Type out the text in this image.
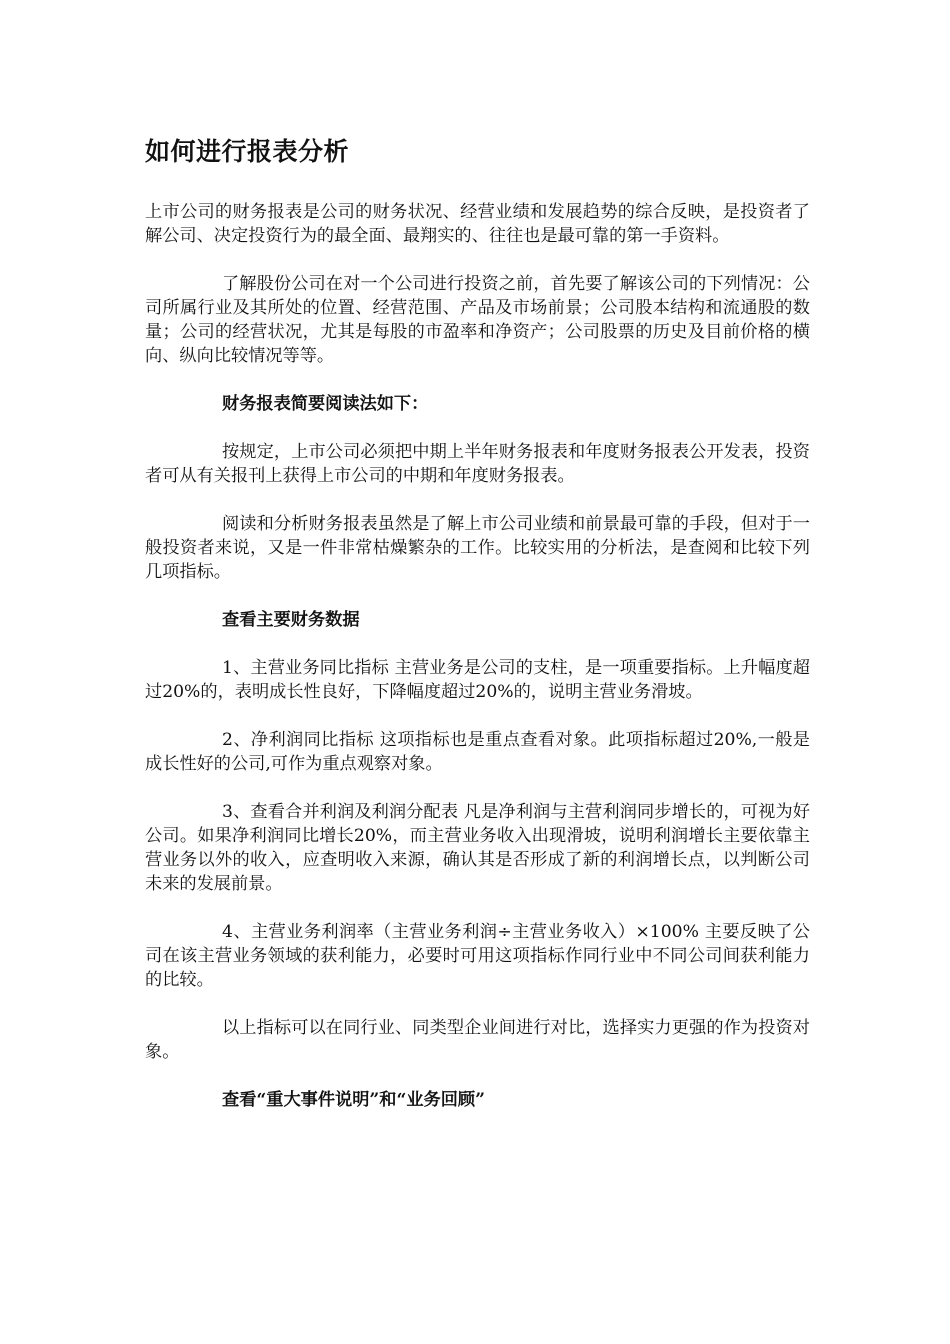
如何进行报表分析

上市公司的财务报表是公司的财务状况、经营业绩和发展趋势的综合反映，是投资者了解公司、决定投资行为的最全面、最翔实的、往往也是最可靠的第一手资料。

了解股份公司在对一个公司进行投资之前，首先要了解该公司的下列情况：公司所属行业及其所处的位置、经营范围、产品及市场前景；公司股本结构和流通股的数量；公司的经营状况，尤其是每股的市盈率和净资产；公司股票的历史及目前价格的横向、纵向比较情况等等。

财务报表简要阅读法如下：

按规定，上市公司必须把中期上半年财务报表和年度财务报表公开发表，投资者可从有关报刊上获得上市公司的中期和年度财务报表。

阅读和分析财务报表虽然是了解上市公司业绩和前景最可靠的手段，但对于一般投资者来说，又是一件非常枯燥繁杂的工作。比较实用的分析法，是查阅和比较下列几项指标。

查看主要财务数据

1、主营业务同比指标 主营业务是公司的支柱，是一项重要指标。上升幅度超过20%的，表明成长性良好，下降幅度超过20%的，说明主营业务滑坡。

2、净利润同比指标 这项指标也是重点查看对象。此项指标超过20%,一般是成长性好的公司,可作为重点观察对象。

3、查看合并利润及利润分配表 凡是净利润与主营利润同步增长的，可视为好公司。如果净利润同比增长20%，而主营业务收入出现滑坡，说明利润增长主要依靠主营业务以外的收入，应查明收入来源，确认其是否形成了新的利润增长点，以判断公司未来的发展前景。

4、主营业务利润率（主营业务利润÷主营业务收入）×100% 主要反映了公司在该主营业务领域的获利能力，必要时可用这项指标作同行业中不同公司间获利能力的比较。

以上指标可以在同行业、同类型企业间进行对比，选择实力更强的作为投资对象。

查看“重大事件说明”和“业务回顾”
